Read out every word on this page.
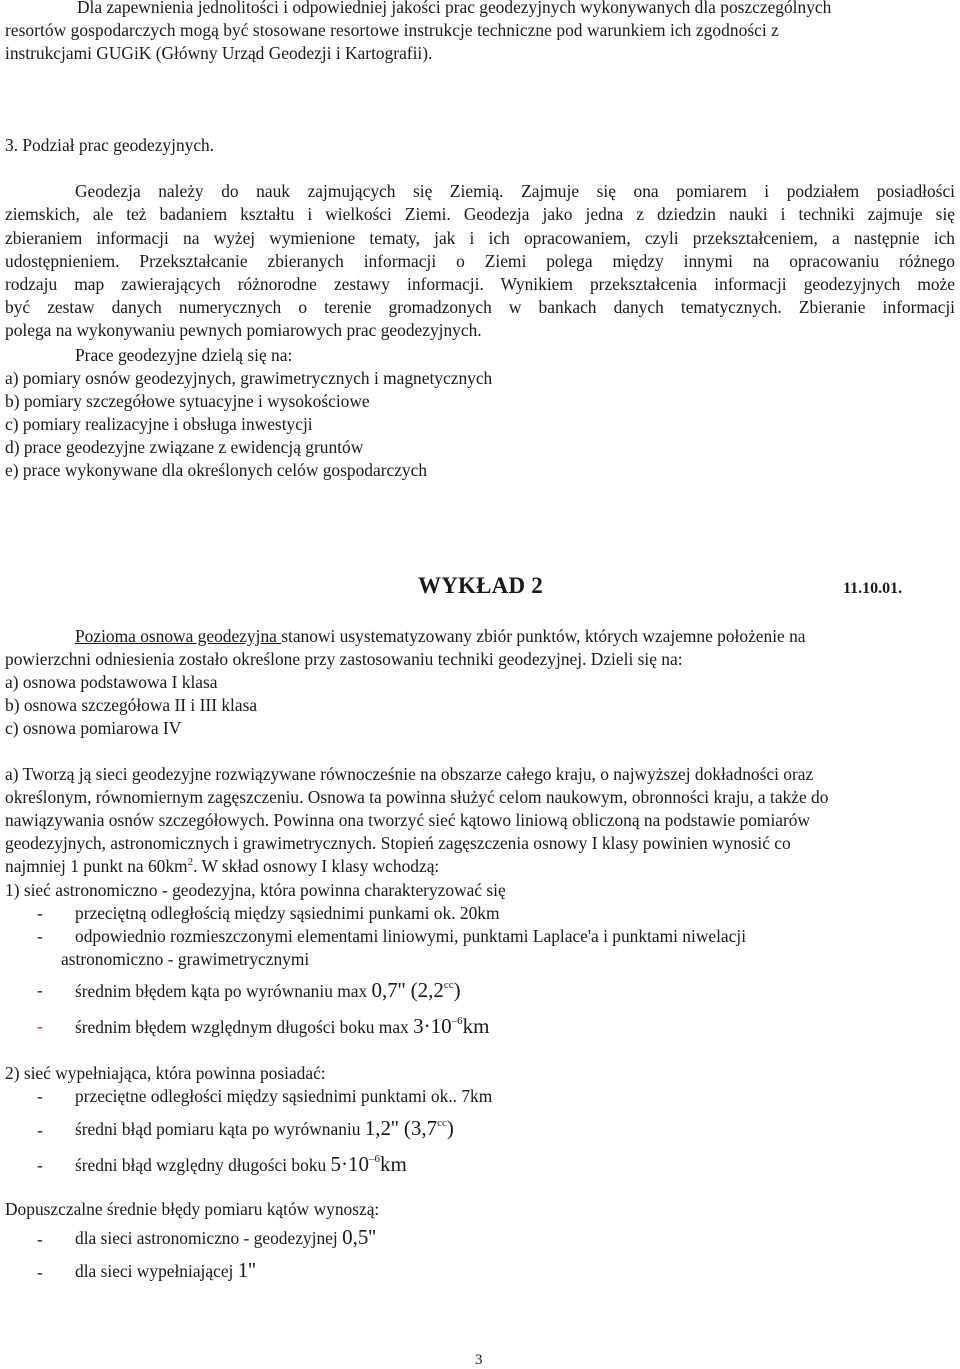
Dla zapewnienia jednolitości i odpowiedniej jakości prac geodezyjnych wykonywanych dla poszczególnych
resortów gospodarczych mogą być stosowane resortowe instrukcje techniczne pod warunkiem ich zgodności z
instrukcjami GUGiK (Główny Urząd Geodezji i Kartografii).
3. Podział prac geodezyjnych.
Geodezja należy do nauk zajmujących się Ziemią. Zajmuje się ona pomiarem i podziałem posiadłości
ziemskich, ale też badaniem kształtu i wielkości Ziemi. Geodezja jako jedna z dziedzin nauki i techniki zajmuje się
zbieraniem informacji na wyżej wymienione tematy, jak i ich opracowaniem, czyli przekształceniem, a następnie ich
udostępnieniem. Przekształcanie zbieranych informacji o Ziemi polega między innymi na opracowaniu różnego
rodzaju map zawierających różnorodne zestawy informacji. Wynikiem przekształcenia informacji geodezyjnych może
być zestaw danych numerycznych o terenie gromadzonych w bankach danych tematycznych. Zbieranie informacji
polega na wykonywaniu pewnych pomiarowych prac geodezyjnych.
Prace geodezyjne dzielą się na:
a) pomiary osnów geodezyjnych, grawimetrycznych i magnetycznych
b) pomiary szczegółowe sytuacyjne i wysokościowe
c) pomiary realizacyjne i obsługa inwestycji
d) prace geodezyjne związane z ewidencją gruntów
e) prace wykonywane dla określonych celów gospodarczych
WYKŁAD 2	11.10.01.
Pozioma osnowa geodezyjna stanowi usystematyzowany zbiór punktów, których wzajemne położenie na
powierzchni odniesienia zostało określone przy zastosowaniu techniki geodezyjnej. Dzieli się na:
a) osnowa podstawowa I klasa
b) osnowa szczegółowa II i III klasa
c) osnowa pomiarowa IV
a) Tworzą ją sieci geodezyjne rozwiązywane równocześnie na obszarze całego kraju, o najwyższej dokładności oraz
określonym, równomiernym zagęszczeniu. Osnowa ta powinna służyć celom naukowym, obronności kraju, a także do
nawiązywania osnów szczegółowych. Powinna ona tworzyć sieć kątowo liniową obliczoną na podstawie pomiarów
geodezyjnych, astronomicznych i grawimetrycznych. Stopień zagęszczenia osnowy I klasy powinien wynosić co
najmniej 1 punkt na $60km^2$. W skład osnowy I klasy wchodzą:
1) sieć astronomiczno - geodezyjna, która powinna charakteryzować się
- przeciętną odległością między sąsiednimi punkami ok. 20km
- odpowiednio rozmieszczonymi elementami liniowymi, punktami Laplace'a i punktami niwelacji
astronomiczno - grawimetrycznymi
- średnim błędem kąta po wyrównaniu max 0,7'' (2,2$^{cc}$)
- średnim błędem względnym długości boku $\max 3\cdot 10^{-6}km$
2) sieć wypełniająca, która powinna posiadać:
- przeciętne odległości między sąsiednimi punktami ok.. 7km
- średni błąd pomiaru kąta po wyrównaniu 1,2'' (3,7$^{cc}$)
- średni błąd względny długości boku $5\cdot 10^{-6}km$
Dopuszczalne średnie błędy pomiaru kątów wynoszą:
- dla sieci astronomiczno - geodezyjnej 0,5''
- dla sieci wypełniającej 1''
3
